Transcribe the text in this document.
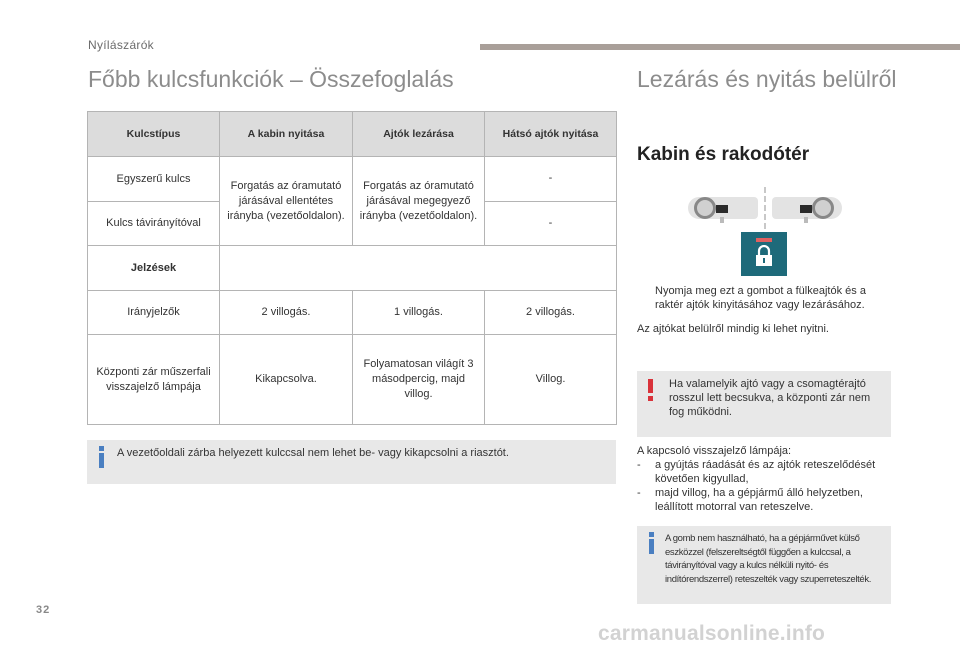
Nyílászárók
Főbb kulcsfunkciók – Összefoglalás	Lezárás és nyitás belülről
Kulcstípus	A kabin nyitása	Ajtók lezárása	Hátsó ajtók nyitása
Egyszerű kulcs	Forgatás az óramutató járásával ellentétes irányba (vezetőoldalon).	Forgatás az óramutató járásával megegyező irányba (vezetőoldalon).	-
Kulcs távirányítóval			-
Jelzések			
Irányjelzők	2 villogás.	1 villogás.	2 villogás.
Központi zár műszerfali visszajelző lámpája	Kikapcsolva.	Folyamatosan világít 3 másodpercig, majd villog.	Villog.
A vezetőoldali zárba helyezett kulccsal nem lehet be- vagy kikapcsolni a riasztót.
Kabin és rakodótér
Nyomja meg ezt a gombot a fülkeajtók és a raktér ajtók kinyitásához vagy lezárásához.
Az ajtókat belülről mindig ki lehet nyitni.
Ha valamelyik ajtó vagy a csomagtérajtó rosszul lett becsukva, a központi zár nem fog működni.
A kapcsoló visszajelző lámpája:
-	a gyújtás ráadását és az ajtók reteszelődését követően kigyullad,
-	majd villog, ha a gépjármű álló helyzetben, leállított motorral van reteszelve.
A gomb nem használható, ha a gépjárművet külső eszközzel (felszereltségtől függően a kulccsal, a távirányítóval vagy a kulcs nélküli nyitó- és indítórendszerrel) reteszelték vagy szuperreteszelték.
32
carmanualsonline.info
